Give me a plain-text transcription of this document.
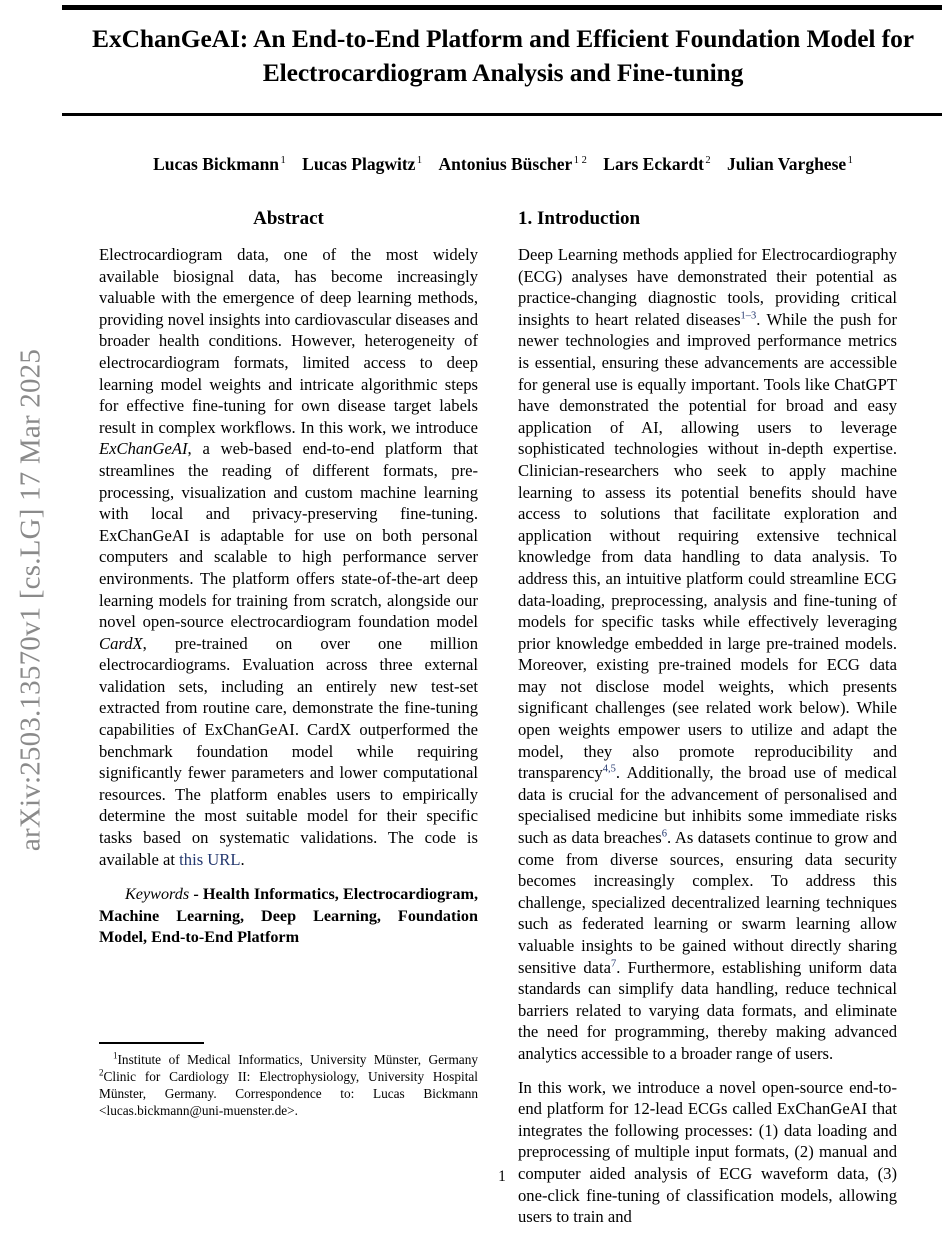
arXiv:2503.13570v1 [cs.LG] 17 Mar 2025
ExChanGeAI: An End-to-End Platform and Efficient Foundation Model for
Electrocardiogram Analysis and Fine-tuning
Lucas Bickmann $^1$ Lucas Plagwitz $^1$ Antonius Büscher $^{1 2}$ Lars Eckardt $^2$ Julian Varghese $^1$
Abstract

Electrocardiogram data, one of the most widely available biosignal data, has become increasingly valuable with the emergence of deep learning methods, providing novel insights into cardiovascular diseases and broader health conditions. However, heterogeneity of electrocardiogram formats, limited access to deep learning model weights and intricate algorithmic steps for effective fine-tuning for own disease target labels result in complex workflows. In this work, we introduce ExChanGeAI, a web-based end-to-end platform that streamlines the reading of different formats, pre-processing, visualization and custom machine learning with local and privacy-preserving fine-tuning. ExChanGeAI is adaptable for use on both personal computers and scalable to high performance server environments. The platform offers state-of-the-art deep learning models for training from scratch, alongside our novel open-source electrocardiogram foundation model CardX, pre-trained on over one million electrocardiograms. Evaluation across three external validation sets, including an entirely new test-set extracted from routine care, demonstrate the fine-tuning capabilities of ExChanGeAI. CardX outperformed the benchmark foundation model while requiring significantly fewer parameters and lower computational resources. The platform enables users to empirically determine the most suitable model for their specific tasks based on systematic validations. The code is available at this URL.

Keywords - Health Informatics, Electrocardiogram, Machine Learning, Deep Learning, Foundation Model, End-to-End Platform

1. Introduction

Deep Learning methods applied for Electrocardiography (ECG) analyses have demonstrated their potential as practice-changing diagnostic tools, providing critical insights to heart related diseases$^{1-3}$. While the push for newer technologies and improved performance metrics is essential, ensuring these advancements are accessible for general use is equally important. Tools like ChatGPT have demonstrated the potential for broad and easy application of AI, allowing users to leverage sophisticated technologies without in-depth expertise. Clinician-researchers who seek to apply machine learning to assess its potential benefits should have access to solutions that facilitate exploration and application without requiring extensive technical knowledge from data handling to data analysis. To address this, an intuitive platform could streamline ECG data-loading, preprocessing, analysis and fine-tuning of models for specific tasks while effectively leveraging prior knowledge embedded in large pre-trained models. Moreover, existing pre-trained models for ECG data may not disclose model weights, which presents significant challenges (see related work below). While open weights empower users to utilize and adapt the model, they also promote reproducibility and transparency$^{4,5}$. Additionally, the broad use of medical data is crucial for the advancement of personalised and specialised medicine but inhibits some immediate risks such as data breaches$^6$. As datasets continue to grow and come from diverse sources, ensuring data security becomes increasingly complex. To address this challenge, specialized decentralized learning techniques such as federated learning or swarm learning allow valuable insights to be gained without directly sharing sensitive data$^7$. Furthermore, establishing uniform data standards can simplify data handling, reduce technical barriers related to varying data formats, and eliminate the need for programming, thereby making advanced analytics accessible to a broader range of users.

In this work, we introduce a novel open-source end-to-end platform for 12-lead ECGs called ExChanGeAI that integrates the following processes: (1) data loading and preprocessing of multiple input formats, (2) manual and computer aided analysis of ECG waveform data, (3) one-click fine-tuning of classification models, allowing users to train and

$^1$Institute of Medical Informatics, University Münster, Germany $^2$Clinic for Cardiology II: Electrophysiology, University Hospital Münster, Germany. Correspondence to: Lucas Bickmann <lucas.bickmann@uni-muenster.de>.
1
